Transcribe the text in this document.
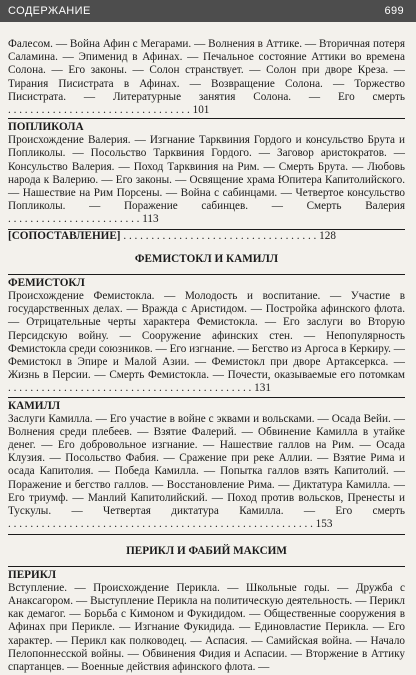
СОДЕРЖАНИЕ	699
Фалесом. — Война Афин с Мегарами. — Волнения в Аттике. — Вторичная потеря Саламина. — Эпименид в Афинах. — Печальное состояние Аттики во времена Солона. — Его законы. — Солон странствует. — Солон при дворе Креза. — Тирания Писистрата в Афинах. — Возвращение Солона. — Торжество Писистрата. — Литературные занятия Солона. — Его смерть . . . . . . . . . . . . . . . . . . . . . . . . . . . . . . . . . 101
ПОПЛИКОЛА
Происхождение Валерия. — Изгнание Тарквиния Гордого и консульство Брута и Попликолы. — Посольство Тарквиния Гордого. — Заговор аристократов. — Консульство Валерия. — Поход Тарквиния на Рим. — Смерть Брута. — Любовь народа к Валерию. — Его законы. — Освящение храма Юпитера Капитолийского. — Нашествие на Рим Порсены. — Война с сабинцами. — Четвертое консульство Попликолы. — Поражение сабинцев. — Смерть Валерия . . . . . . . . . . . . . . . . . . . . . . . . 113
[СОПОСТАВЛЕНИЕ] . . . . . . . . . . . . . . . . . . . . . . . . . . . . . . . . . . . 128
ФЕМИСТОКЛ И КАМИЛЛ
ФЕМИСТОКЛ
Происхождение Фемистокла. — Молодость и воспитание. — Участие в государственных делах. — Вражда с Аристидом. — Постройка афинского флота. — Отрицательные черты характера Фемистокла. — Его заслуги во Вторую Персидскую войну. — Сооружение афинских стен. — Непопулярность Фемистокла среди союзников. — Его изгнание. — Бегство из Аргоса в Керкиру. — Фемистокл в Эпире и Малой Азии. — Фемистокл при дворе Артаксеркса. — Жизнь в Персии. — Смерть Фемистокла. — Почести, оказываемые его потомкам . . . . . . . . . . . . . . . . . . . . . . . . . . . . . . . . . . . . . . . . . . . . 131
КАМИЛЛ
Заслуги Камилла. — Его участие в войне с эквами и вольсками. — Осада Вейи. — Волнения среди плебеев. — Взятие Фалерий. — Обвинение Камилла в утайке денег. — Его добровольное изгнание. — Нашествие галлов на Рим. — Осада Клузия. — Посольство Фабия. — Сражение при реке Аллии. — Взятие Рима и осада Капитолия. — Победа Камилла. — Попытка галлов взять Капитолий. — Поражение и бегство галлов. — Восстановление Рима. — Диктатура Камилла. — Его триумф. — Манлий Капитолийский. — Поход против вольсков, Пренесты и Тускулы. — Четвертая диктатура Камилла. — Его смерть . . . . . . . . . . . . . . . . . . . . . . . . . . . . . . . . . . . . . . . . . . . . . . . . . . . . . . . 153
ПЕРИКЛ И ФАБИЙ МАКСИМ
ПЕРИКЛ
Вступление. — Происхождение Перикла. — Школьные годы. — Дружба с Анаксагором. — Выступление Перикла на политическую деятельность. — Перикл как демагог. — Борьба с Кимоном и Фукидидом. — Общественные сооружения в Афинах при Перикле. — Изгнание Фукидида. — Единовластие Перикла. — Его характер. — Перикл как полководец. — Аспасия. — Самийская война. — Начало Пелопоннесской войны. — Обвинения Фидия и Аспасии. — Вторжение в Аттику спартанцев. — Военные действия афинского флота. —
